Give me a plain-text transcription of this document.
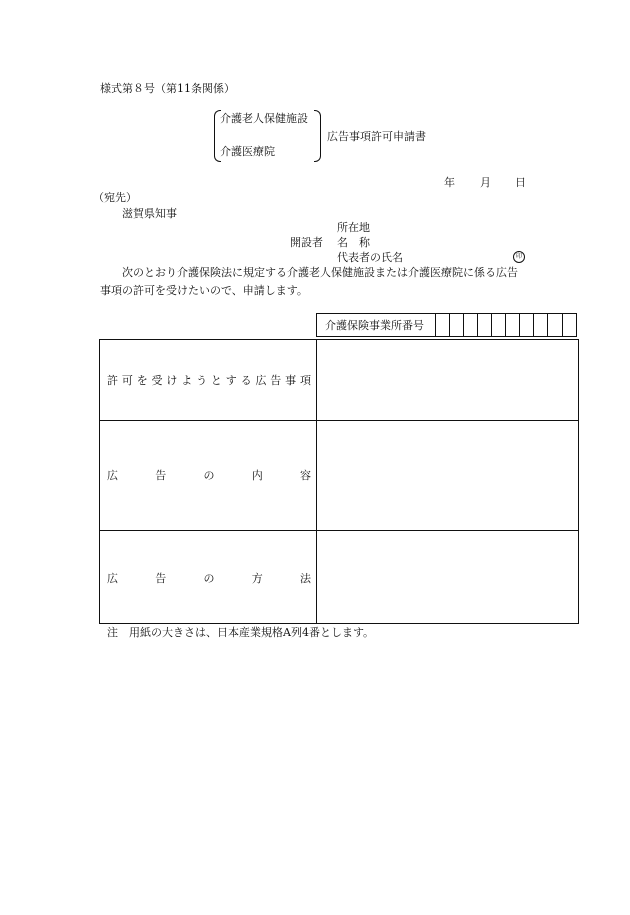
様式第８号（第11条関係）
介護老人保健施設
介護医療院
広告事項許可申請書
年 月 日
（宛先）
滋賀県知事
所在地
開設者 名　称
代表者の氏名	印
次のとおり介護保険法に規定する介護老人保健施設または介護医療院に係る広告
事項の許可を受けたいので、申請します。
介護保険事業所番号
許 可 を 受 け よ う と す る 広 告 事 項
広	告	の	内	容
広	告	の	方	法
注　用紙の大きさは、日本産業規格A列4番とします。
